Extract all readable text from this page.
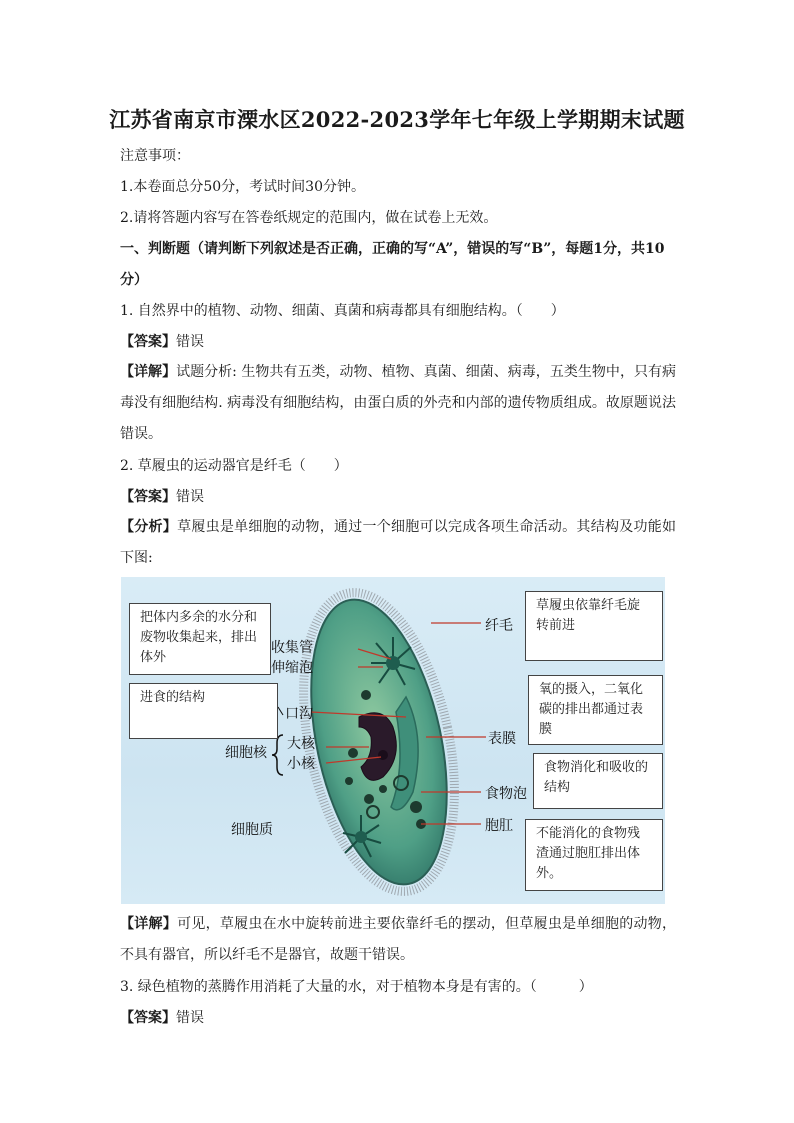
江苏省南京市溧水区2022-2023学年七年级上学期期末试题
注意事项：
1.本卷面总分50分，考试时间30分钟。
2.请将答题内容写在答卷纸规定的范围内，做在试卷上无效。
一、判断题（请判断下列叙述是否正确，正确的写“A”，错误的写“B”，每题1分，共10
分）
1. 自然界中的植物、动物、细菌、真菌和病毒都具有细胞结构。（　　）
【答案】错误
【详解】试题分析: 生物共有五类，动物、植物、真菌、细菌、病毒，五类生物中，只有病毒没有细胞结构. 病毒没有细胞结构，由蛋白质的外壳和内部的遗传物质组成。故原题说法错误。
2. 草履虫的运动器官是纤毛（　　）
【答案】错误
【分析】草履虫是单细胞的动物，通过一个细胞可以完成各项生命活动。其结构及功能如下图:
把体内多余的水分和废物收集起来，排出体外
进食的结构
草履虫依靠纤毛旋转前进
氧的摄入，二氧化碳的排出都通过表膜
食物消化和吸收的结构
不能消化的食物残渣通过胞肛排出体外。
收集管
伸缩泡
口沟
细胞核
大核
小核
细胞质
纤毛
表膜
食物泡
胞肛
【详解】可见，草履虫在水中旋转前进主要依靠纤毛的摆动，但草履虫是单细胞的动物，不具有器官，所以纤毛不是器官，故题干错误。
3. 绿色植物的蒸腾作用消耗了大量的水，对于植物本身是有害的。（　　　）
【答案】错误
